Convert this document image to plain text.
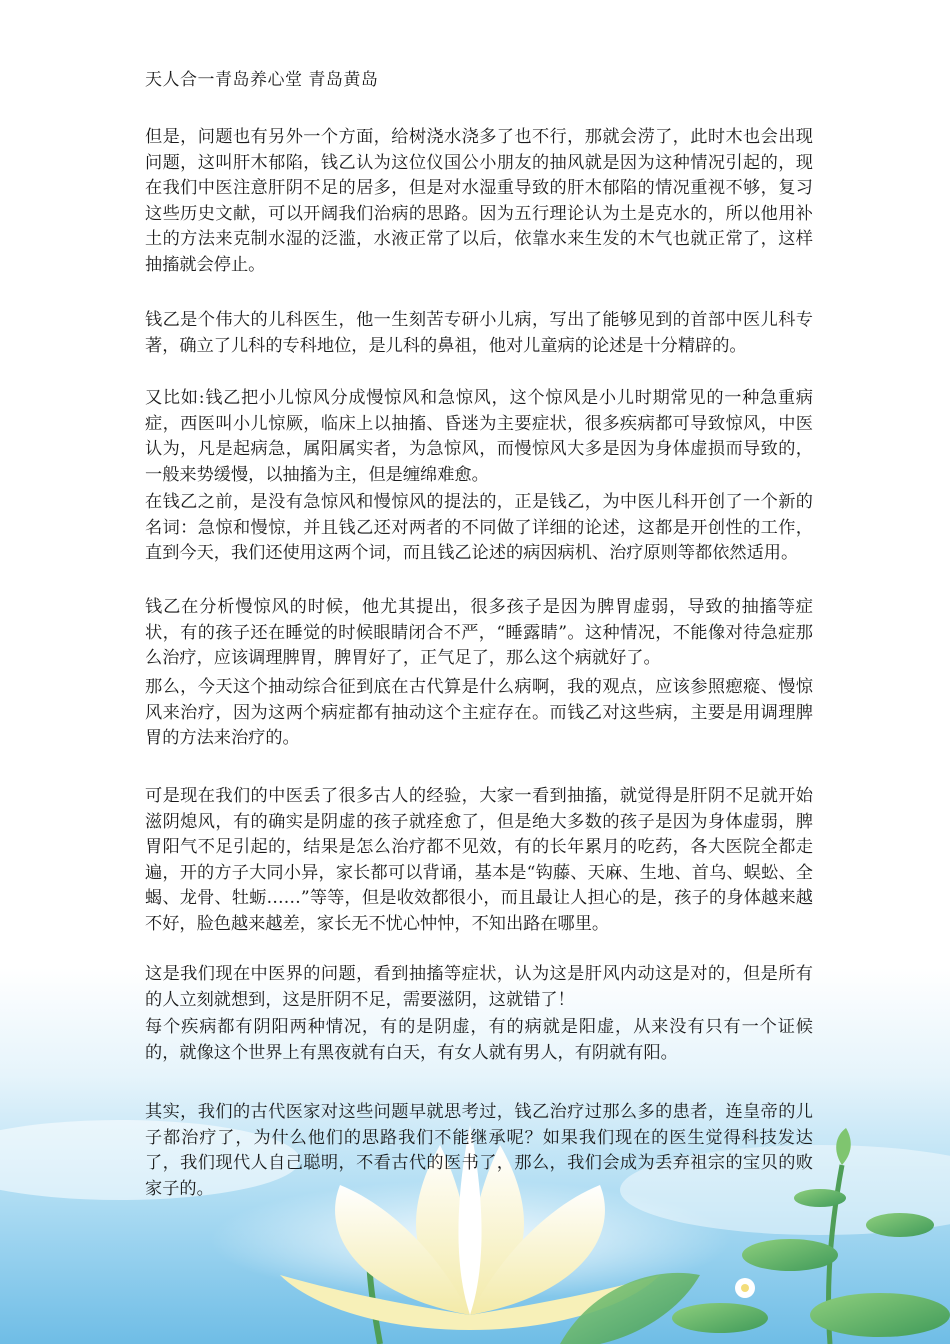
天人合一青岛养心堂 青岛黄岛

但是，问题也有另外一个方面，给树浇水浇多了也不行，那就会涝了，此时木也会出现问题，这叫肝木郁陷，钱乙认为这位仪国公小朋友的抽风就是因为这种情况引起的，现在我们中医注意肝阴不足的居多，但是对水湿重导致的肝木郁陷的情况重视不够，复习这些历史文献，可以开阔我们治病的思路。因为五行理论认为土是克水的，所以他用补土的方法来克制水湿的泛滥，水液正常了以后，依靠水来生发的木气也就正常了，这样抽搐就会停止。

钱乙是个伟大的儿科医生，他一生刻苦专研小儿病，写出了能够见到的首部中医儿科专著，确立了儿科的专科地位，是儿科的鼻祖，他对儿童病的论述是十分精辟的。

又比如:钱乙把小儿惊风分成慢惊风和急惊风，这个惊风是小儿时期常见的一种急重病症，西医叫小儿惊厥，临床上以抽搐、昏迷为主要症状，很多疾病都可导致惊风，中医认为，凡是起病急，属阳属实者，为急惊风，而慢惊风大多是因为身体虚损而导致的，一般来势缓慢，以抽搐为主，但是缠绵难愈。

在钱乙之前，是没有急惊风和慢惊风的提法的，正是钱乙，为中医儿科开创了一个新的名词：急惊和慢惊，并且钱乙还对两者的不同做了详细的论述，这都是开创性的工作，直到今天，我们还使用这两个词，而且钱乙论述的病因病机、治疗原则等都依然适用。

钱乙在分析慢惊风的时候，他尤其提出，很多孩子是因为脾胃虚弱，导致的抽搐等症状，有的孩子还在睡觉的时候眼睛闭合不严，“睡露睛”。这种情况，不能像对待急症那么治疗，应该调理脾胃，脾胃好了，正气足了，那么这个病就好了。

那么，今天这个抽动综合征到底在古代算是什么病啊，我的观点，应该参照瘛瘲、慢惊风来治疗，因为这两个病症都有抽动这个主症存在。而钱乙对这些病，主要是用调理脾胃的方法来治疗的。

可是现在我们的中医丢了很多古人的经验，大家一看到抽搐，就觉得是肝阴不足就开始滋阴熄风，有的确实是阴虚的孩子就痊愈了，但是绝大多数的孩子是因为身体虚弱，脾胃阳气不足引起的，结果是怎么治疗都不见效，有的长年累月的吃药，各大医院全都走遍，开的方子大同小异，家长都可以背诵，基本是“钩藤、天麻、生地、首乌、蜈蚣、全蝎、龙骨、牡蛎……”等等，但是收效都很小，而且最让人担心的是，孩子的身体越来越不好，脸色越来越差，家长无不忧心忡忡，不知出路在哪里。

这是我们现在中医界的问题，看到抽搐等症状，认为这是肝风内动这是对的，但是所有的人立刻就想到，这是肝阴不足，需要滋阴，这就错了！

每个疾病都有阴阳两种情况，有的是阴虚，有的病就是阳虚，从来没有只有一个证候的，就像这个世界上有黑夜就有白天，有女人就有男人，有阴就有阳。

其实，我们的古代医家对这些问题早就思考过，钱乙治疗过那么多的患者，连皇帝的儿子都治疗了，为什么他们的思路我们不能继承呢？如果我们现在的医生觉得科技发达了，我们现代人自己聪明，不看古代的医书了，那么，我们会成为丢弃祖宗的宝贝的败家子的。
